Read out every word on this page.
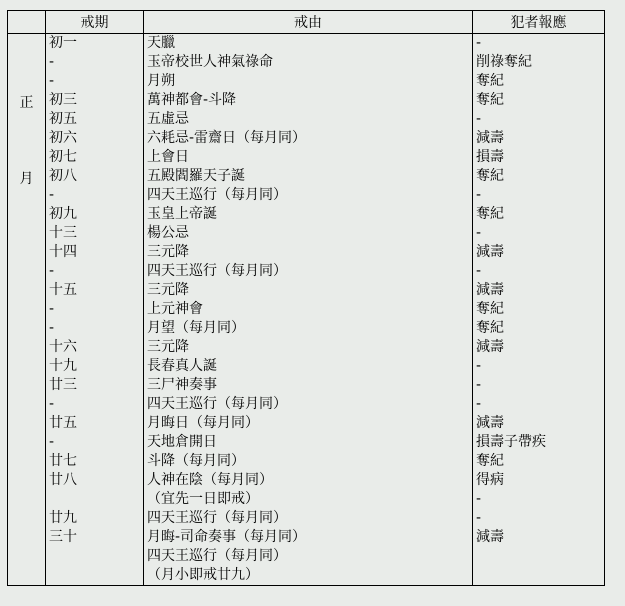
	戒期	戒由	犯者報應

正
月	初一	天臘	-
	-	玉帝校世人神氣祿命	削祿奪紀
	-	月朔	奪紀
	初三	萬神都會-斗降	奪紀
	初五	五虛忌	-
	初六	六耗忌-雷齋日（每月同）	減壽
	初七	上會日	損壽
	初八	五殿閻羅天子誕	奪紀
	-	四天王巡行（每月同）	-
	初九	玉皇上帝誕	奪紀
	十三	楊公忌	-
	十四	三元降	減壽
	-	四天王巡行（每月同）	-
	十五	三元降	減壽
	-	上元神會	奪紀
	-	月望（每月同）	奪紀
	十六	三元降	減壽
	十九	長春真人誕	-
	廿三	三尸神奏事	-
	-	四天王巡行（每月同）	-
	廿五	月晦日（每月同）	減壽
	-	天地倉開日	損壽子帶疾
	廿七	斗降（每月同）	奪紀
	廿八	人神在陰（每月同）	得病
		（宜先一日即戒）	-
	廿九	四天王巡行（每月同）	-
	三十	月晦-司命奏事（每月同）	減壽
		四天王巡行（每月同）	
		（月小即戒廿九）	
